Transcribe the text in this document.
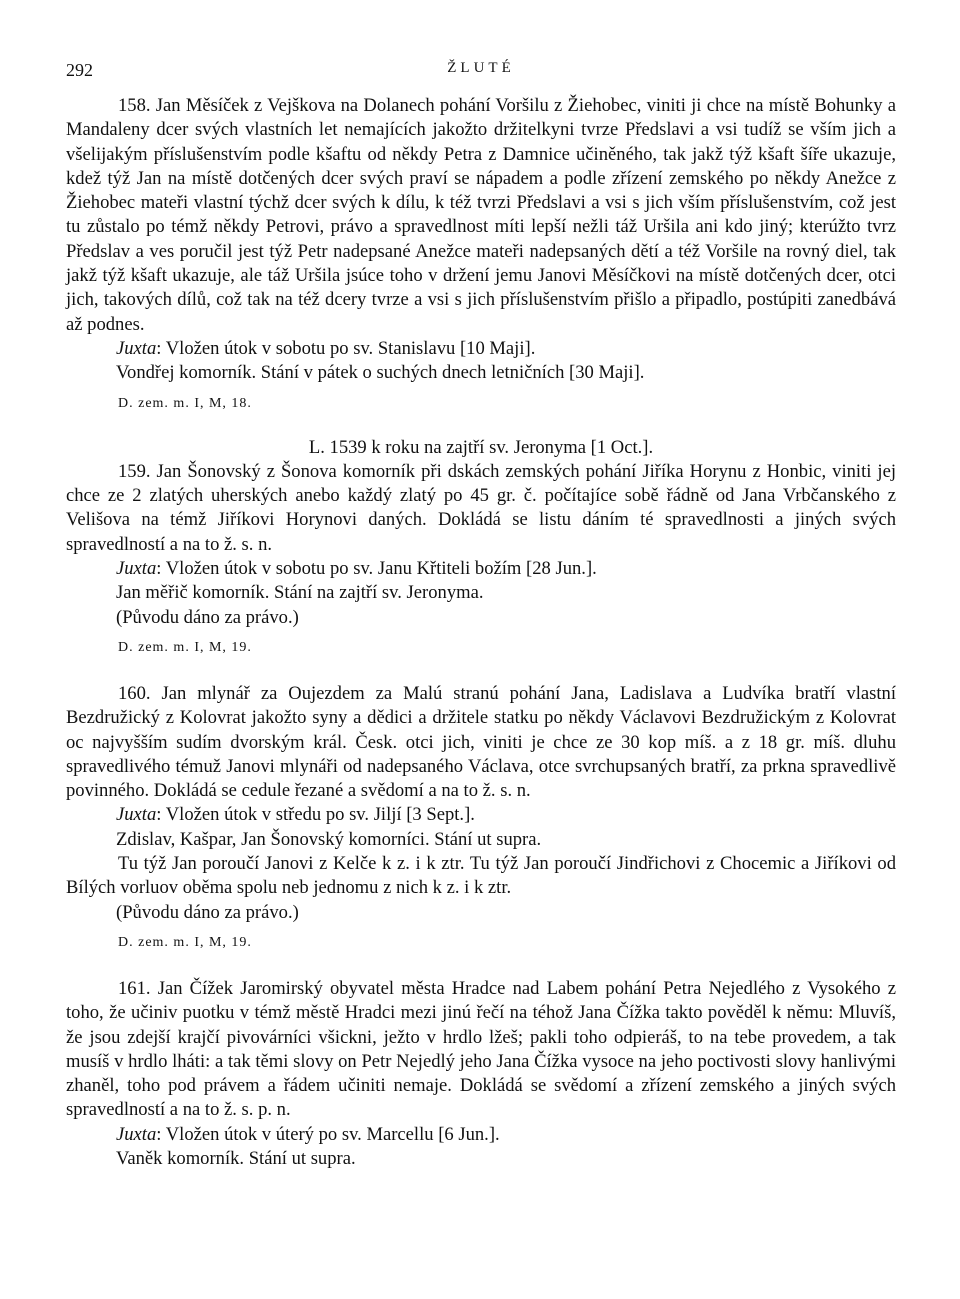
292	ŽLUTÉ

158. Jan Měsíček z Vejškova na Dolanech pohání Voršilu z Žiehobec, viniti ji chce na místě Bohunky a Mandaleny dcer svých vlastních let nemajících jakožto držitelkyni tvrze Předslavi a vsi tudíž se vším jich a všelijakým příslušenstvím podle kšaftu od někdy Petra z Damnice učiněného, tak jakž týž kšaft šíře ukazuje, kdež týž Jan na místě dotčených dcer svých praví se nápadem a podle zřízení zemského po někdy Anežce z Žiehobec mateři vlastní týchž dcer svých k dílu, k též tvrzi Předslavi a vsi s jich vším příslušenstvím, což jest tu zůstalo po témž někdy Petrovi, právo a spravedlnost míti lepší nežli táž Uršila ani kdo jiný; kterúžto tvrz Předslav a ves poručil jest týž Petr nadepsané Anežce mateři nadepsaných dětí a též Voršile na rovný diel, tak jakž týž kšaft ukazuje, ale táž Uršila jsúce toho v držení jemu Janovi Měsíčkovi na místě dotčených dcer, otci jich, takových dílů, což tak na též dcery tvrze a vsi s jich příslušenstvím přišlo a připadlo, postúpiti zanedbává až podnes.

Juxta: Vložen útok v sobotu po sv. Stanislavu [10 Maji].

Vondřej komorník. Stání v pátek o suchých dnech letničních [30 Maji].

D. zem. m. I, M, 18.

L. 1539 k roku na zajtří sv. Jeronyma [1 Oct.].

159. Jan Šonovský z Šonova komorník při dskách zemských pohání Jiříka Horynu z Honbic, viniti jej chce ze 2 zlatých uherských anebo každý zlatý po 45 gr. č. počítajíce sobě řádně od Jana Vrbčanského z Velišova na témž Jiříkovi Horynovi daných. Dokládá se listu dáním té spravedlnosti a jiných svých spravedlností a na to ž. s. n.

Juxta: Vložen útok v sobotu po sv. Janu Křtiteli božím [28 Jun.].

Jan měřič komorník. Stání na zajtří sv. Jeronyma.

(Původu dáno za právo.)

D. zem. m. I, M, 19.

160. Jan mlynář za Oujezdem za Malú stranú pohání Jana, Ladislava a Ludvíka bratří vlastní Bezdružický z Kolovrat jakožto syny a dědici a držitele statku po někdy Václavovi Bezdružickým z Kolovrat oc najvyšším sudím dvorským král. Česk. otci jich, viniti je chce ze 30 kop míš. a z 18 gr. míš. dluhu spravedlivého témuž Janovi mlynáři od nadepsaného Václava, otce svrchupsaných bratří, za prkna spravedlivě povinného. Dokládá se cedule řezané a svědomí a na to ž. s. n.

Juxta: Vložen útok v středu po sv. Jiljí [3 Sept.].

Zdislav, Kašpar, Jan Šonovský komorníci. Stání ut supra.

Tu týž Jan poroučí Janovi z Kelče k z. i k ztr. Tu týž Jan poroučí Jindřichovi z Chocemic a Jiříkovi od Bílých vorluov oběma spolu neb jednomu z nich k z. i k ztr.

(Původu dáno za právo.)

D. zem. m. I, M, 19.

161. Jan Čížek Jaromirský obyvatel města Hradce nad Labem pohání Petra Nejedlého z Vysokého z toho, že učiniv puotku v témž městě Hradci mezi jinú řečí na téhož Jana Čížka takto pověděl k němu: Mluvíš, že jsou zdejší krajčí pivovárníci všickni, ježto v hrdlo lžeš; pakli toho odpieráš, to na tebe provedem, a tak musíš v hrdlo lháti: a tak těmi slovy on Petr Nejedlý jeho Jana Čížka vysoce na jeho poctivosti slovy hanlivými zhaněl, toho pod právem a řádem učiniti nemaje. Dokládá se svědomí a zřízení zemského a jiných svých spravedlností a na to ž. s. p. n.

Juxta: Vložen útok v úterý po sv. Marcellu [6 Jun.].

Vaněk komorník. Stání ut supra.
